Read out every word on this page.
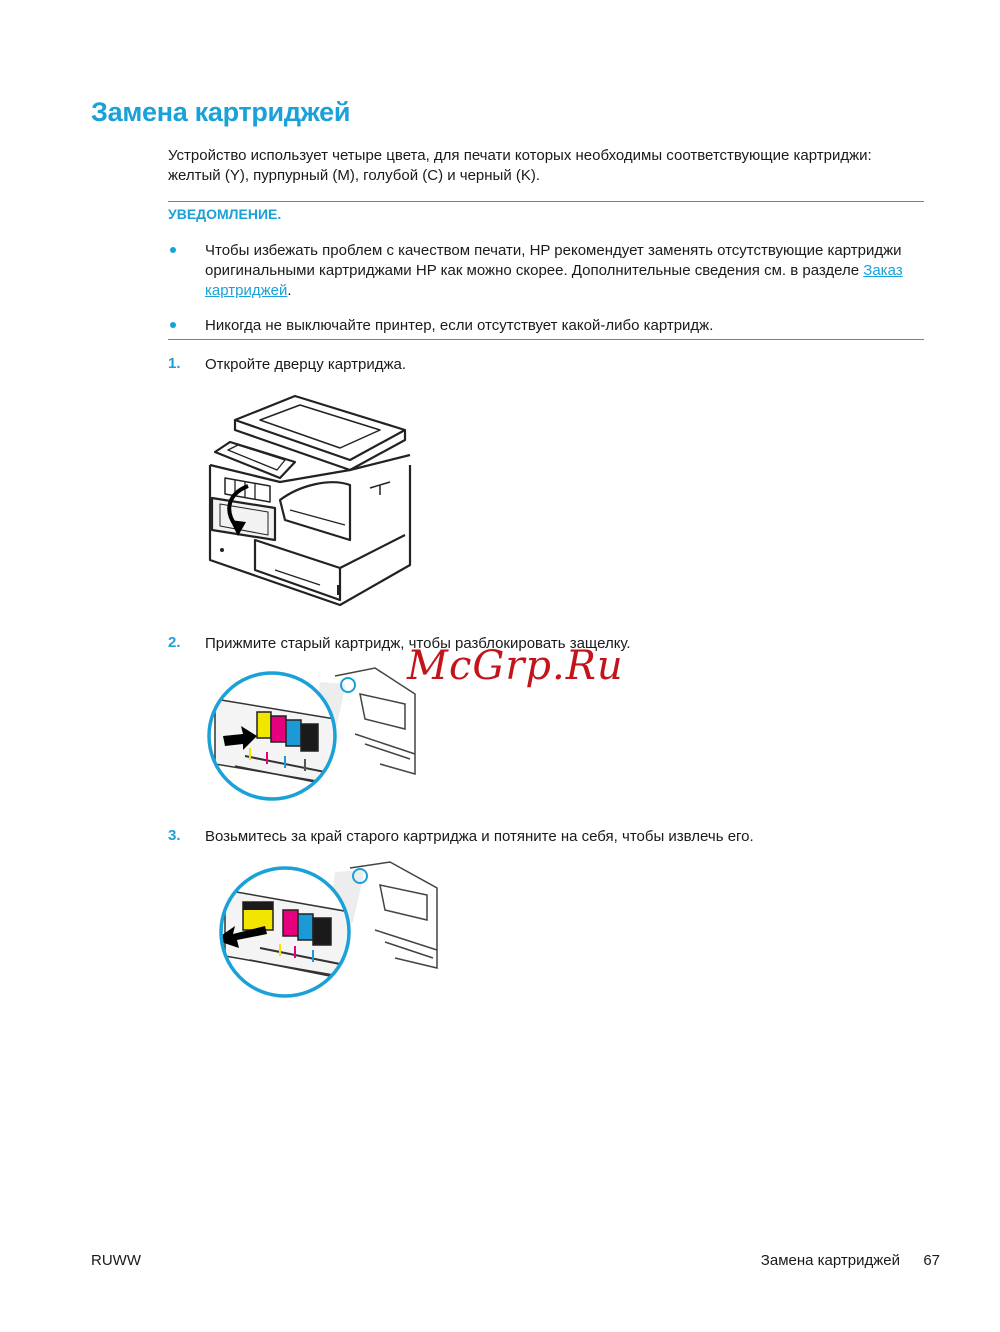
Замена картриджей

Устройство использует четыре цвета, для печати которых необходимы соответствующие картриджи: желтый (Y), пурпурный (M), голубой (C) и черный (K).

УВЕДОМЛЕНИЕ.

Чтобы избежать проблем с качеством печати, HP рекомендует заменять отсутствующие картриджи оригинальными картриджами HP как можно скорее. Дополнительные сведения см. в разделе Заказ картриджей.

Никогда не выключайте принтер, если отсутствует какой-либо картридж.

1. Откройте дверцу картриджа.
2. Прижмите старый картридж, чтобы разблокировать защелку.
McGrp.Ru
3. Возьмитесь за край старого картриджа и потяните на себя, чтобы извлечь его.
RUWW	Замена картриджей 67
